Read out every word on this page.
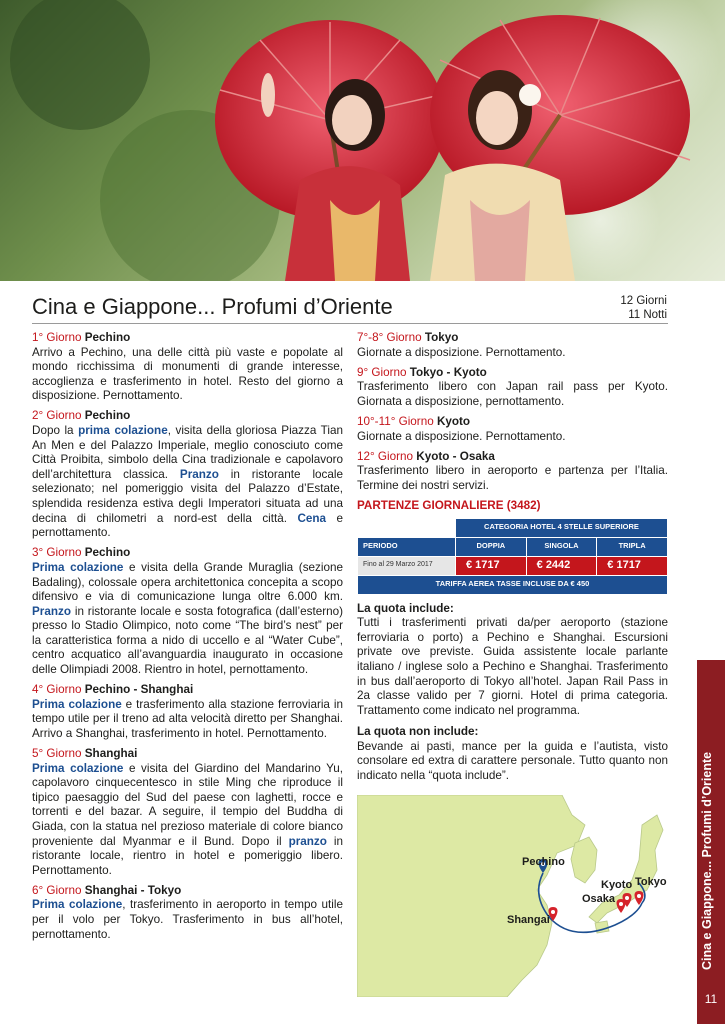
Cina e Giappone... Profumi d’Oriente	12 Giorni
11 Notti
1° Giorno Pechino
Arrivo a Pechino, una delle città più vaste e popolate al mondo ricchissima di monumenti di grande interesse, accoglienza e trasferimento in hotel. Resto del giorno a disposizione. Pernottamento.
2° Giorno Pechino
Dopo la prima colazione, visita della gloriosa Piazza Tian An Men e del Palazzo Imperiale, meglio conosciuto come Città Proibita, simbolo della Cina tradizionale e capolavoro dell’architettura classica. Pranzo in ristorante locale selezionato; nel pomeriggio visita del Palazzo d’Estate, splendida residenza estiva degli Imperatori situata ad una decina di chilometri a nord-est della città. Cena e pernottamento.
3° Giorno Pechino
Prima colazione e visita della Grande Muraglia (sezione Badaling), colossale opera architettonica concepita a scopo difensivo e via di comunicazione lunga oltre 6.000 km. Pranzo in ristorante locale e sosta fotografica (dall’esterno) presso lo Stadio Olimpico, noto come “The bird’s nest” per la caratteristica forma a nido di uccello e al “Water Cube”, centro acquatico all’avanguardia inaugurato in occasione delle Olimpiadi 2008. Rientro in hotel, pernottamento.
4° Giorno Pechino - Shanghai
Prima colazione e trasferimento alla stazione ferroviaria in tempo utile per il treno ad alta velocità diretto per Shanghai. Arrivo a Shanghai, trasferimento in hotel. Pernottamento.
5° Giorno Shanghai
Prima colazione e visita del Giardino del Mandarino Yu, capolavoro cinquecentesco in stile Ming che riproduce il tipico paesaggio del Sud del paese con laghetti, rocce e torrenti e del bazar. A seguire, il tempio del Buddha di Giada, con la statua nel prezioso materiale di colore bianco proveniente dal Myanmar e il Bund. Dopo il pranzo in ristorante locale, rientro in hotel e pomeriggio libero. Pernottamento.
6° Giorno Shanghai - Tokyo
Prima colazione, trasferimento in aeroporto in tempo utile per il volo per Tokyo. Trasferimento in bus all’hotel, pernottamento.
7°-8° Giorno Tokyo
Giornate a disposizione. Pernottamento.
9° Giorno Tokyo - Kyoto
Trasferimento libero con Japan rail pass per Kyoto. Giornata a disposizione, pernottamento.
10°-11° Giorno Kyoto
Giornate a disposizione. Pernottamento.
12° Giorno Kyoto - Osaka
Trasferimento libero in aeroporto e partenza per l’Italia. Termine dei nostri servizi.
PARTENZE GIORNALIERE (3482)
	CATEGORIA HOTEL 4 STELLE SUPERIORE		
PERIODO	DOPPIA	SINGOLA	TRIPLA
Fino al 29 Marzo 2017	€ 1717	€ 2442	€ 1717
TARIFFA AEREA TASSE INCLUSE DA € 450			
La quota include:
Tutti i trasferimenti privati da/per aeroporto (stazione ferroviaria o porto) a Pechino e Shanghai. Escursioni private ove previste. Guida assistente locale parlante italiano / inglese solo a Pechino e Shanghai. Trasferimento in bus dall’aeroporto di Tokyo all’hotel. Japan Rail Pass in 2a classe valido per 7 giorni. Hotel di prima categoria. Trattamento come indicato nel programma.
La quota non include:
Bevande ai pasti, mance per la guida e l’autista, visto consolare ed extra di carattere personale. Tutto quanto non indicato nella “quota include”.
Pechino
Shangai
Kyoto
Osaka
Tokyo	Cina e Giappone... Profumi d’Oriente
11
